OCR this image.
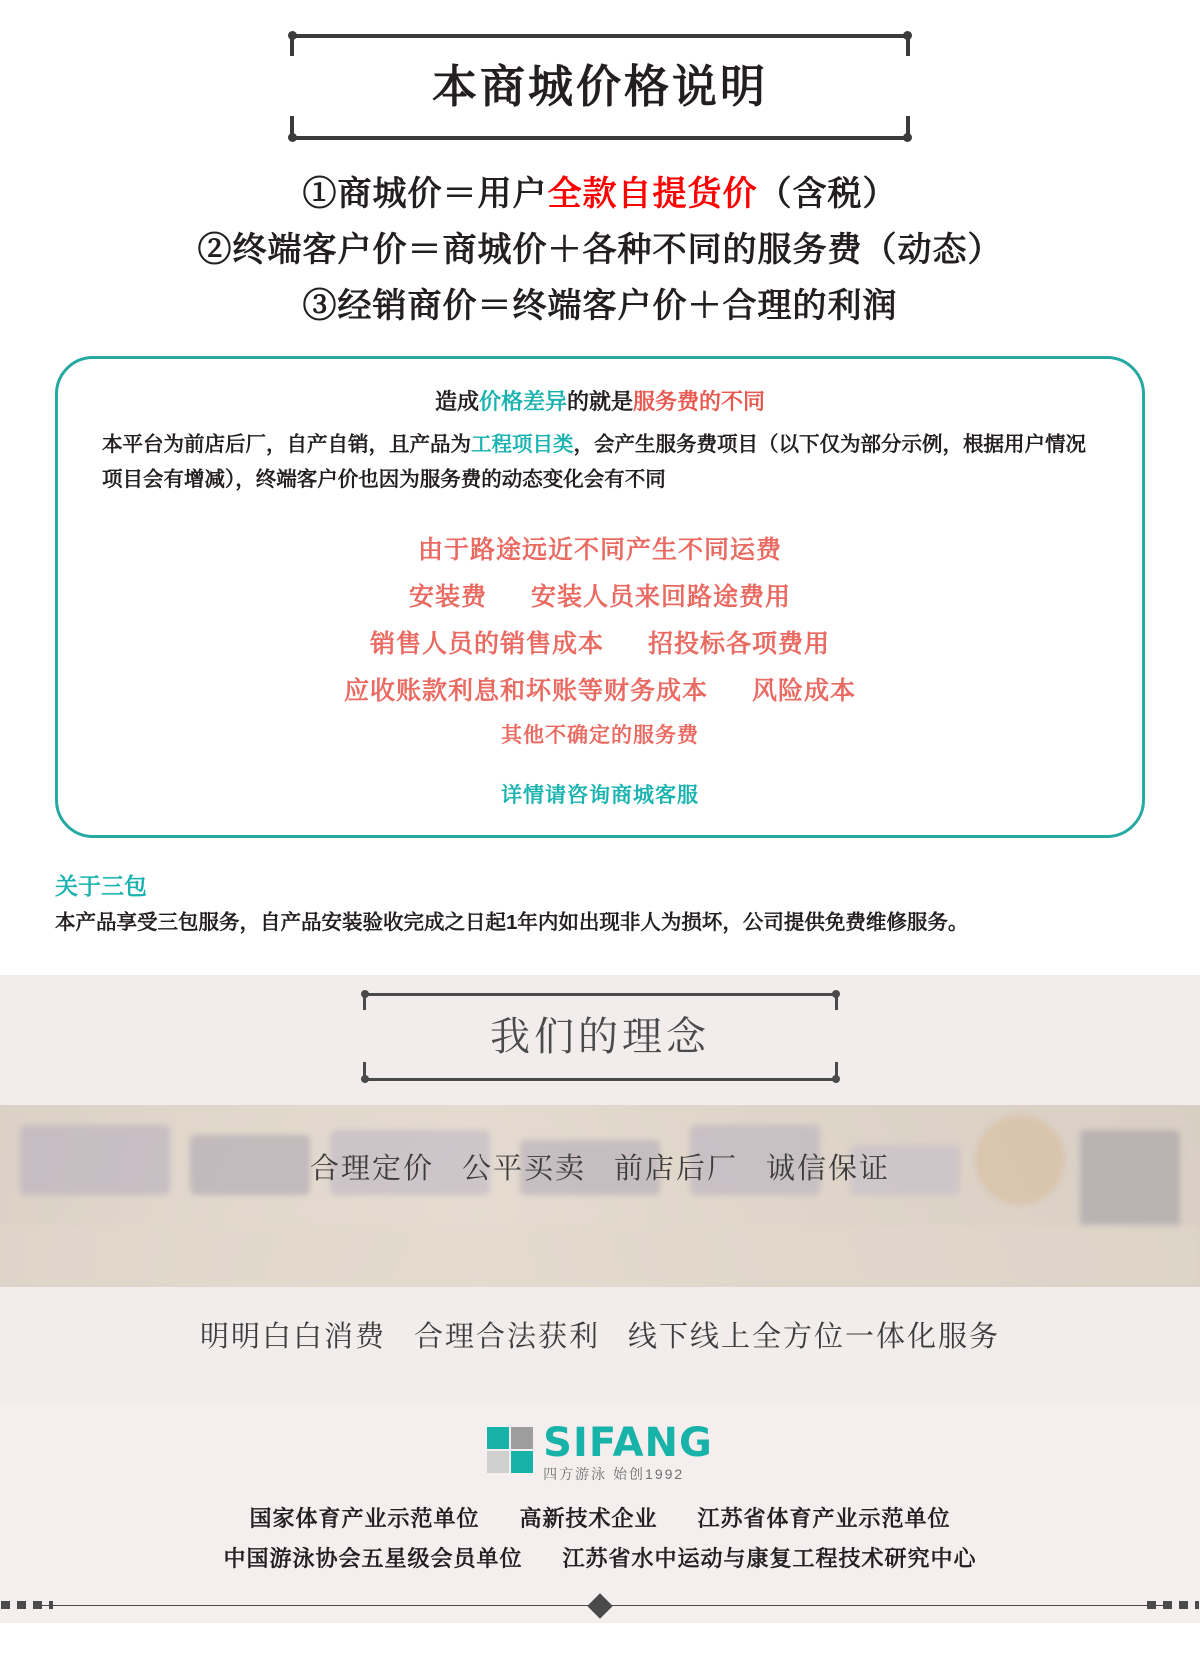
本商城价格说明
①商城价＝用户全款自提货价（含税）
②终端客户价＝商城价＋各种不同的服务费（动态）
③经销商价＝终端客户价＋合理的利润
造成价格差异的就是服务费的不同
本平台为前店后厂，自产自销，且产品为工程项目类，会产生服务费项目（以下仅为部分示例，根据用户情况项目会有增减），终端客户价也因为服务费的动态变化会有不同
由于路途远近不同产生不同运费
安装费 安装人员来回路途费用
销售人员的销售成本 招投标各项费用
应收账款利息和坏账等财务成本 风险成本
其他不确定的服务费
详情请咨询商城客服
关于三包
本产品享受三包服务，自产品安装验收完成之日起1年内如出现非人为损坏，公司提供免费维修服务。
我们的理念
合理定价 公平买卖 前店后厂 诚信保证
明明白白消费 合理合法获利 线下线上全方位一体化服务
SIFANG
四方游泳 始创1992
国家体育产业示范单位 高新技术企业 江苏省体育产业示范单位
中国游泳协会五星级会员单位 江苏省水中运动与康复工程技术研究中心
